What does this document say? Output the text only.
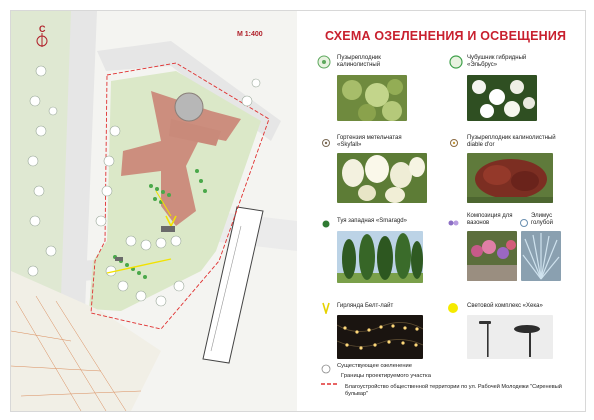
С
М 1:400	СХЕМА ОЗЕЛЕНЕНИЯ И ОСВЕЩЕНИЯ
Пузыреплодник калинолистный
Чубушник гибридный «Эльбрус»
Гортензия метельчатая «Skyfall»
Пузыреплодник калинолистный diable d'or
Туя западная «Smaragd»
Композиция для вазонов
Элимус голубой
Гирлянда Белт-лайт	Световой комплекс «Хека»
Существующее озеленение
Границы проектируемого участка
Благоустройство общественной территории по ул. Рабочей Молодежи "Сиреневый бульвар"
